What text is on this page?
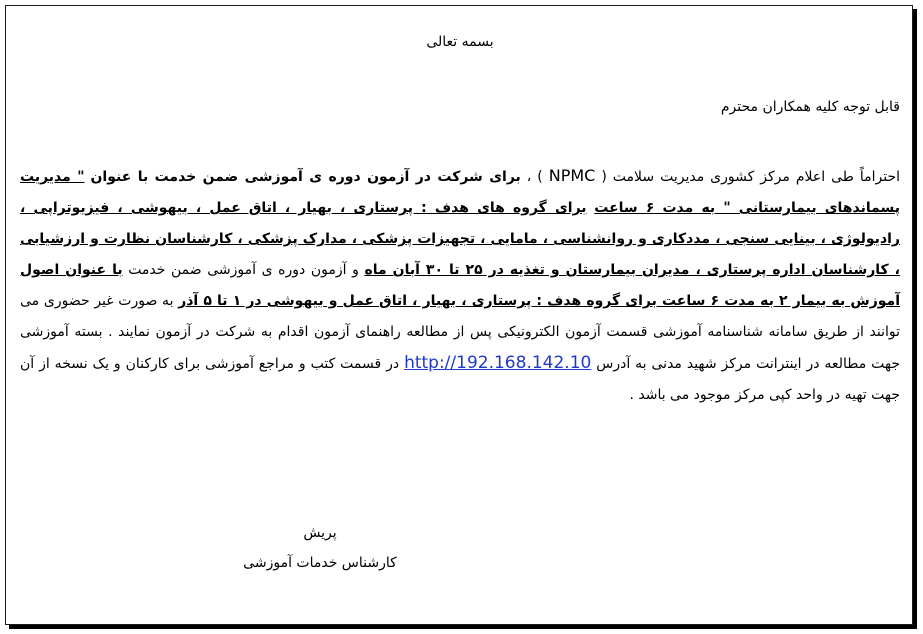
بسمه تعالی
قابل توجه کلیه همکاران محترم
احتراماً طی اعلام مرکز کشوری مدیریت سلامت ( NPMC ) ، برای شرکت در آزمون دوره ی آموزشی ضمن خدمت با عنوان " مدیریت پسماندهای بیمارستانی " به مدت ۶ ساعت برای گروه های هدف : پرستاری ، بهیار ، اتاق عمل ، بیهوشی ، فیزیوتراپی ، رادیولوژی ، بینایی سنجی ، مددکاری و روانشناسی ، مامایی ، تجهیزات پزشکی ، مدارک پزشکی ، کارشناسان نظارت و ارزشیابی ، کارشناسان اداره پرستاری ، مدیران بیمارستان و تغذیه در ۲۵ تا ۳۰ آبان ماه و آزمون دوره ی آموزشی ضمن خدمت با عنوان اصول آموزش به بیمار ۲ به مدت ۶ ساعت برای گروه هدف : پرستاری ، بهیار ، اتاق عمل و بیهوشی در ۱ تا ۵ آذر به صورت غیر حضوری می توانند از طریق سامانه شناسنامه آموزشی قسمت آزمون الکترونیکی پس از مطالعه راهنمای آزمون اقدام به شرکت در آزمون نمایند . بسته آموزشی جهت مطالعه در اینترانت مرکز شهید مدنی به آدرس http://192.168.142.10 در قسمت کتب و مراجع آموزشی برای کارکنان و یک نسخه از آن جهت تهیه در واحد کپی مرکز موجود می باشد .
پریش
کارشناس خدمات آموزشی
